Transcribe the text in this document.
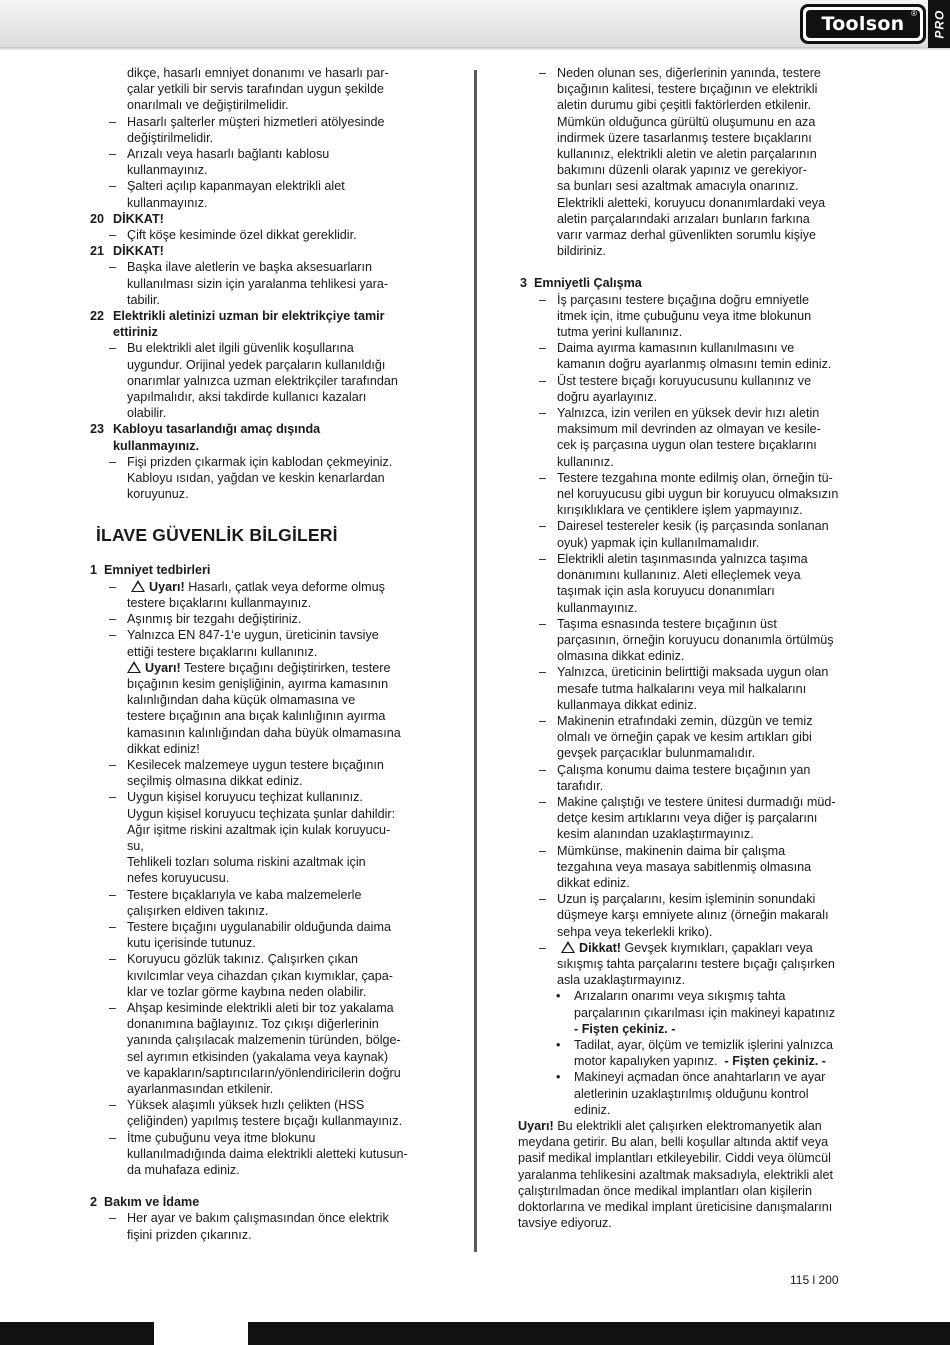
Toolson ® PRO

dikçe, hasarlı emniyet donanımı ve hasarlı par-

çalar yetkili bir servis tarafından uygun şekilde

onarılmalı ve değiştirilmelidir.

– Hasarlı şalterler müşteri hizmetleri atölyesinde

değiştirilmelidir.

– Arızalı veya hasarlı bağlantı kablosu

kullanmayınız.

– Şalteri açılıp kapanmayan elektrikli alet

kullanmayınız.

20 DİKKAT!

– Çift köşe kesiminde özel dikkat gereklidir.

21 DİKKAT!

– Başka ilave aletlerin ve başka aksesuarların

kullanılması sizin için yaralanma tehlikesi yara-

tabilir.

22 Elektrikli aletinizi uzman bir elektrikçiye tamir

ettiriniz

– Bu elektrikli alet ilgili güvenlik koşullarına

uygundur. Orijinal yedek parçaların kullanıldığı

onarımlar yalnızca uzman elektrikçiler tarafından

yapılmalıdır, aksi takdirde kullanıcı kazaları

olabilir.

23 Kabloyu tasarlandığı amaç dışında

kullanmayınız.

– Fişi prizden çıkarmak için kablodan çekmeyiniz.

Kabloyu ısıdan, yağdan ve keskin kenarlardan

koruyunuz.

İLAVE GÜVENLİK BİLGİLERİ

1 Emniyet tedbirleri

–	Uyarı! Hasarlı, çatlak veya deforme olmuş

testere bıçaklarını kullanmayınız.

– Aşınmış bir tezgahı değiştiriniz.

– Yalnızca EN 847-1‘e uygun, üreticinin tavsiye

ettiği testere bıçaklarını kullanınız.

Uyarı! Testere bıçağını değiştirirken, testere

bıçağının kesim genişliğinin, ayırma kamasının

kalınlığından daha küçük olmamasına ve

testere bıçağının ana bıçak kalınlığının ayırma

kamasının kalınlığından daha büyük olmamasına

dikkat ediniz!

– Kesilecek malzemeye uygun testere bıçağının

seçilmiş olmasına dikkat ediniz.

– Uygun kişisel koruyucu teçhizat kullanınız.

Uygun kişisel koruyucu teçhizata şunlar dahildir:

Ağır işitme riskini azaltmak için kulak koruyucu-

su,

Tehlikeli tozları soluma riskini azaltmak için

nefes koruyucusu.

– Testere bıçaklarıyla ve kaba malzemelerle

çalışırken eldiven takınız.

– Testere bıçağını uygulanabilir olduğunda daima

kutu içerisinde tutunuz.

– Koruyucu gözlük takınız. Çalışırken çıkan

kıvılcımlar veya cihazdan çıkan kıymıklar, çapa-

klar ve tozlar görme kaybına neden olabilir.

– Ahşap kesiminde elektrikli aleti bir toz yakalama

donanımına bağlayınız. Toz çıkışı diğerlerinin

yanında çalışılacak malzemenin türünden, bölge-

sel ayrımın etkisinden (yakalama veya kaynak)

ve kapakların/saptırıcıların/yönlendiricilerin doğru

ayarlanmasından etkilenir.

– Yüksek alaşımlı yüksek hızlı çelikten (HSS

çeliğinden) yapılmış testere bıçağı kullanmayınız.

– İtme çubuğunu veya itme blokunu

kullanılmadığında daima elektrikli aletteki kutusun-

da muhafaza ediniz.

2 Bakım ve İdame

– Her ayar ve bakım çalışmasından önce elektrik

fişini prizden çıkarınız.

– Neden olunan ses, diğerlerinin yanında, testere

bıçağının kalitesi, testere bıçağının ve elektrikli

aletin durumu gibi çeşitli faktörlerden etkilenir.

Mümkün olduğunca gürültü oluşumunu en aza

indirmek üzere tasarlanmış testere bıçaklarını

kullanınız, elektrikli aletin ve aletin parçalarının

bakımını düzenli olarak yapınız ve gerekiyor-

sa bunları sesi azaltmak amacıyla onarınız.

Elektrikli aletteki, koruyucu donanımlardaki veya

aletin parçalarındaki arızaları bunların farkına

varır varmaz derhal güvenlikten sorumlu kişiye

bildiriniz.

3 Emniyetli Çalışma

– İş parçasını testere bıçağına doğru emniyetle

itmek için, itme çubuğunu veya itme blokunun

tutma yerini kullanınız.

– Daima ayırma kamasının kullanılmasını ve

kamanın doğru ayarlanmış olmasını temin ediniz.

– Üst testere bıçağı koruyucusunu kullanınız ve

doğru ayarlayınız.

– Yalnızca, izin verilen en yüksek devir hızı aletin

maksimum mil devrinden az olmayan ve kesile-

cek iş parçasına uygun olan testere bıçaklarını

kullanınız.

– Testere tezgahına monte edilmiş olan, örneğin tü-

nel koruyucusu gibi uygun bir koruyucu olmaksızın

kırışıklıklara ve çentiklere işlem yapmayınız.

– Dairesel testereler kesik (iş parçasında sonlanan

oyuk) yapmak için kullanılmamalıdır.

– Elektrikli aletin taşınmasında yalnızca taşıma

donanımını kullanınız. Aleti elleçlemek veya

taşımak için asla koruyucu donanımları

kullanmayınız.

– Taşıma esnasında testere bıçağının üst

parçasının, örneğin koruyucu donanımla örtülmüş

olmasına dikkat ediniz.

– Yalnızca, üreticinin belirttiği maksada uygun olan

mesafe tutma halkalarını veya mil halkalarını

kullanmaya dikkat ediniz.

– Makinenin etrafındaki zemin, düzgün ve temiz

olmalı ve örneğin çapak ve kesim artıkları gibi

gevşek parçacıklar bulunmamalıdır.

– Çalışma konumu daima testere bıçağının yan

tarafıdır.

– Makine çalıştığı ve testere ünitesi durmadığı müd-

detçe kesim artıklarını veya diğer iş parçalarını

kesim alanından uzaklaştırmayınız.

– Mümkünse, makinenin daima bir çalışma

tezgahına veya masaya sabitlenmiş olmasına

dikkat ediniz.

– Uzun iş parçalarını, kesim işleminin sonundaki

düşmeye karşı emniyete alınız (örneğin makaralı

sehpa veya tekerlekli kriko).

–	Dikkat! Gevşek kıymıkları, çapakları veya

sıkışmış tahta parçalarını testere bıçağı çalışırken

asla uzaklaştırmayınız.

• Arızaların onarımı veya sıkışmış tahta

parçalarının çıkarılması için makineyi kapatınız

- Fişten çekiniz. -

• Tadilat, ayar, ölçüm ve temizlik işlerini yalnızca

motor kapalıyken yapınız. - Fişten çekiniz. -

• Makineyi açmadan önce anahtarların ve ayar

aletlerinin uzaklaştırılmış olduğunu kontrol

ediniz.

Uyarı! Bu elektrikli alet çalışırken elektromanyetik alan

meydana getirir. Bu alan, belli koşullar altında aktif veya

pasif medikal implantları etkileyebilir. Ciddi veya ölümcül

yaralanma tehlikesini azaltmak maksadıyla, elektrikli alet

çalıştırılmadan önce medikal implantları olan kişilerin

doktorlarına ve medikal implant üreticisine danışmalarını

tavsiye ediyoruz.

115 l 200
